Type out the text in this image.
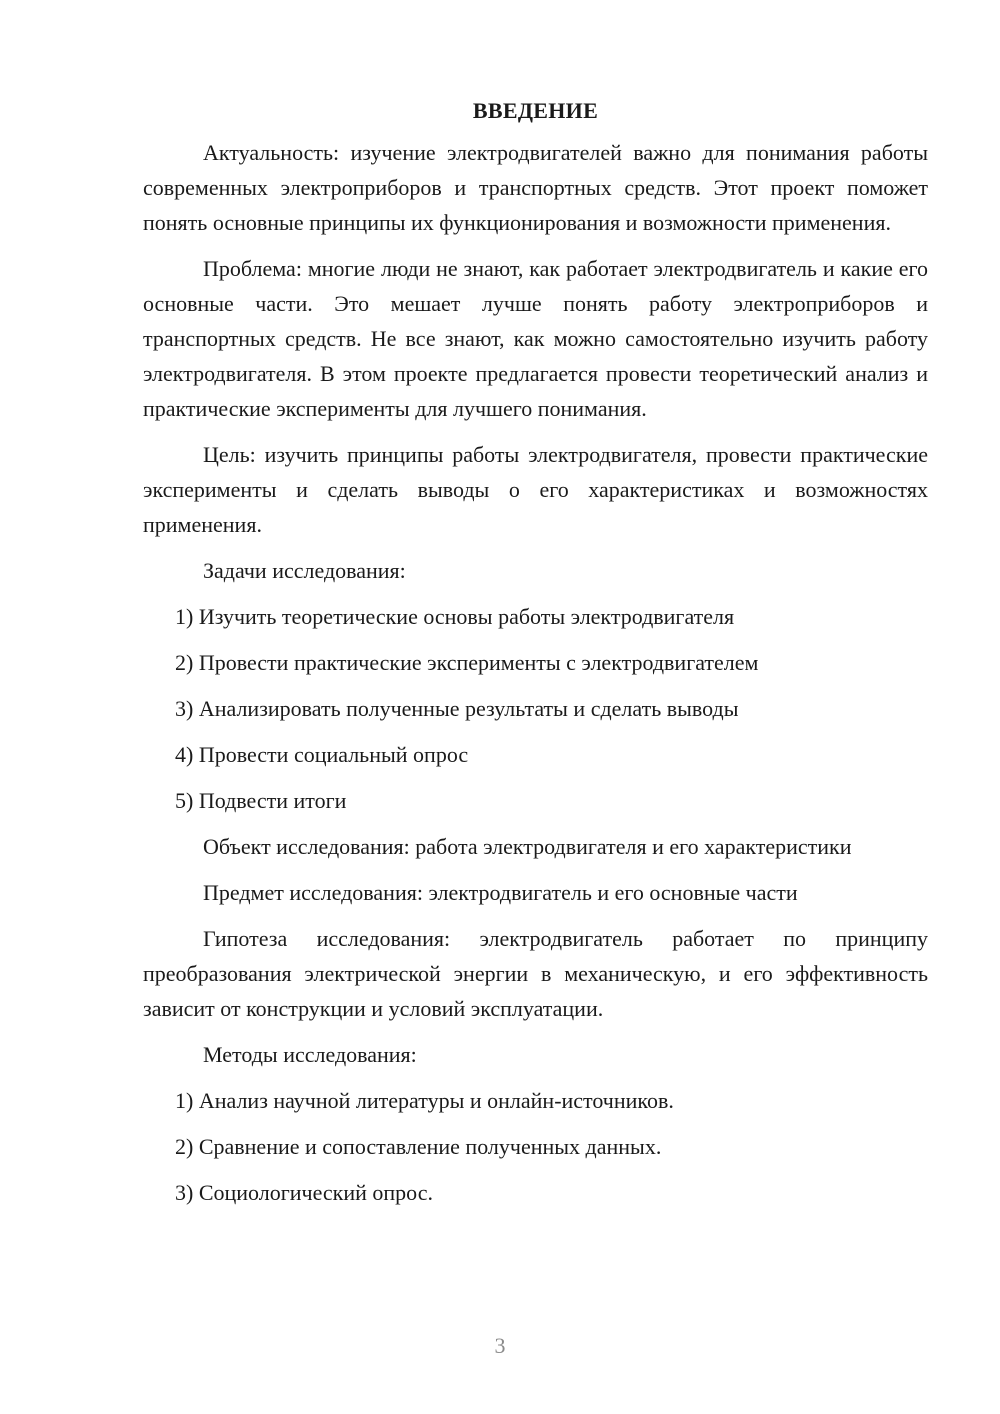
ВВЕДЕНИЕ

Актуальность: изучение электродвигателей важно для понимания работы современных электроприборов и транспортных средств. Этот проект поможет понять основные принципы их функционирования и возможности применения.

Проблема: многие люди не знают, как работает электродвигатель и какие его основные части. Это мешает лучше понять работу электроприборов и транспортных средств. Не все знают, как можно самостоятельно изучить работу электродвигателя. В этом проекте предлагается провести теоретический анализ и практические эксперименты для лучшего понимания.

Цель: изучить принципы работы электродвигателя, провести практические эксперименты и сделать выводы о его характеристиках и возможностях применения.

Задачи исследования:

1) Изучить теоретические основы работы электродвигателя
2) Провести практические эксперименты с электродвигателем
3) Анализировать полученные результаты и сделать выводы
4) Провести социальный опрос
5) Подвести итоги

Объект исследования: работа электродвигателя и его характеристики

Предмет исследования: электродвигатель и его основные части

Гипотеза исследования: электродвигатель работает по принципу преобразования электрической энергии в механическую, и его эффективность зависит от конструкции и условий эксплуатации.

Методы исследования:

1) Анализ научной литературы и онлайн-источников.
2) Сравнение и сопоставление полученных данных.
3) Социологический опрос.
3
